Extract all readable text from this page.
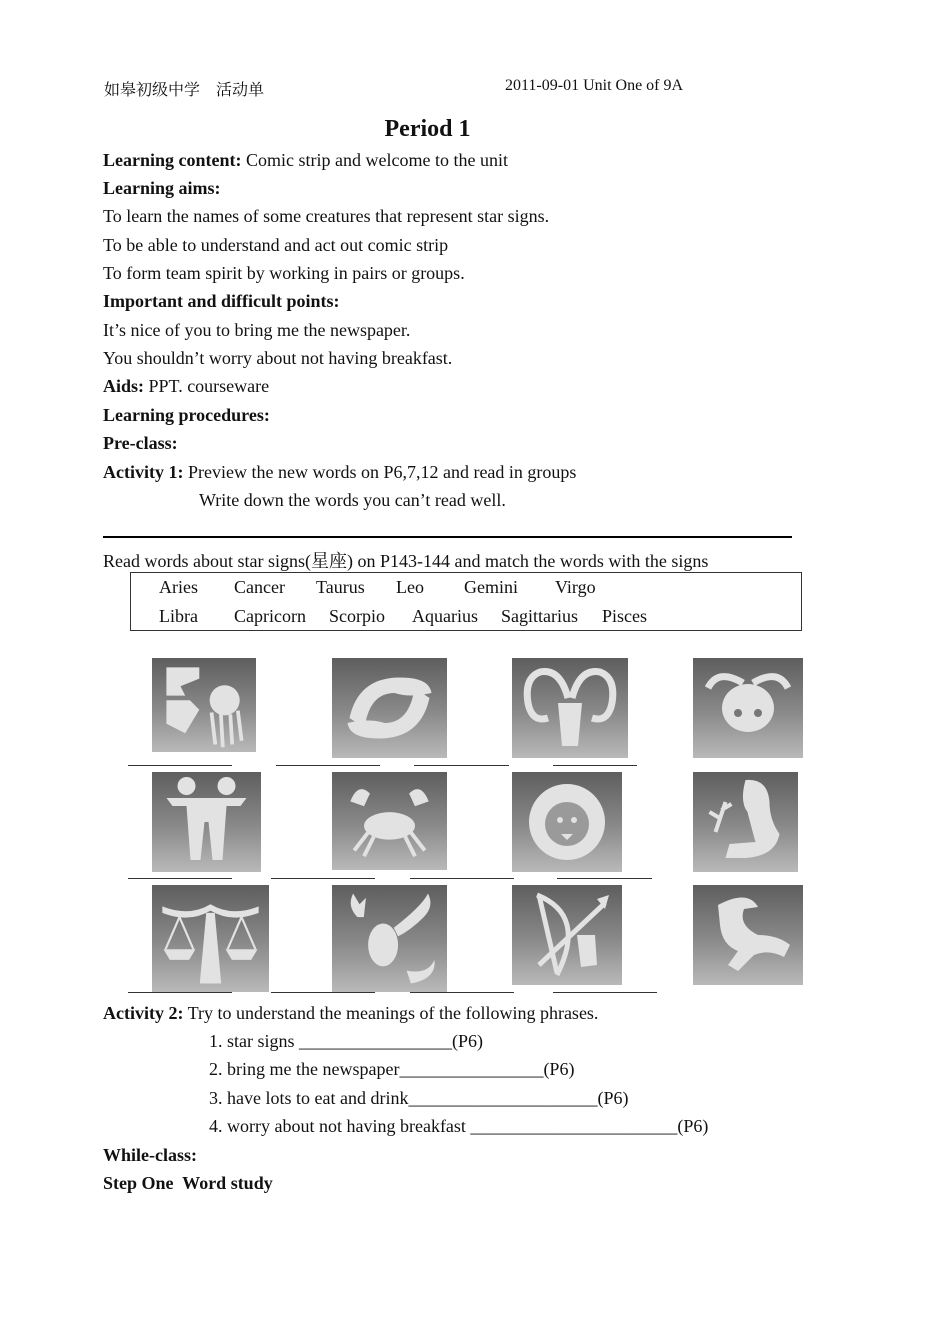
如皋初级中学　活动单	2011-09-01 Unit One of 9A
Period 1
Learning content: Comic strip and welcome to the unit
Learning aims:
To learn the names of some creatures that represent star signs.
To be able to understand and act out comic strip
To form team spirit by working in pairs or groups.
Important and difficult points:
It’s nice of you to bring me the newspaper.
You shouldn’t worry about not having breakfast.
Aids: PPT. courseware
Learning procedures:
Pre-class:
Activity 1: Preview the new words on P6,7,12 and read in groups
Write down the words you can’t read well.
Read words about star signs(星座) on P143-144 and match the words with the signs
Aries Cancer Taurus Leo Gemini Virgo
Libra Capricorn Scorpio Aquarius Sagittarius Pisces
Activity 2: Try to understand the meanings of the following phrases.
1. star signs _________________(P6)
2. bring me the newspaper________________(P6)
3. have lots to eat and drink_____________________(P6)
4. worry about not having breakfast _______________________(P6)
While-class:
Step One  Word study
